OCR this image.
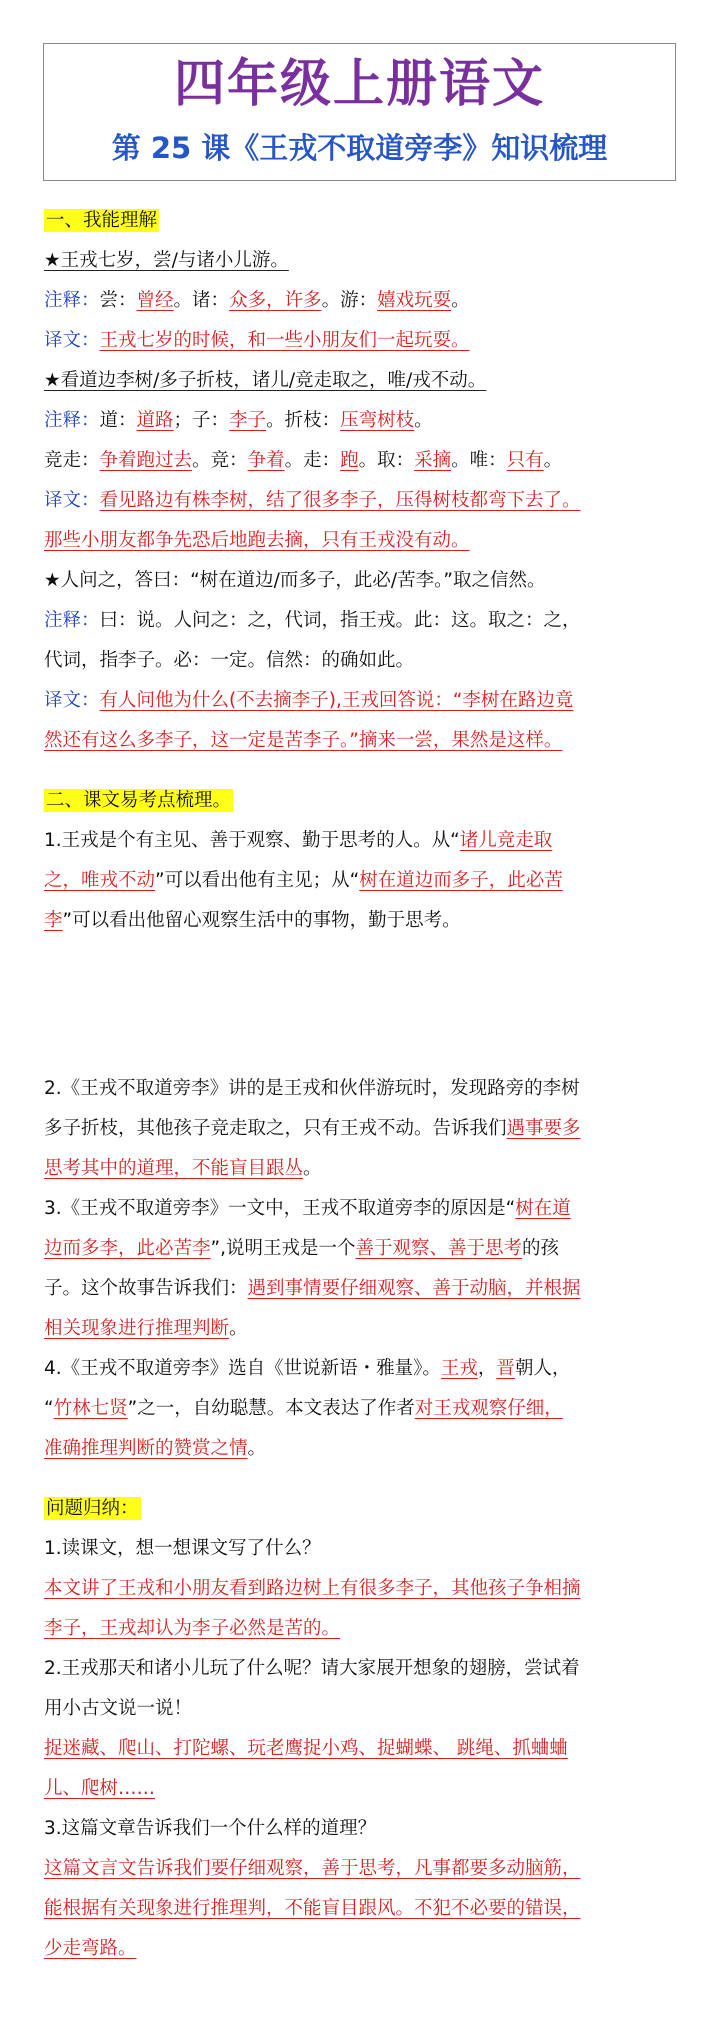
四年级上册语文
第 25 课《王戎不取道旁李》知识梳理
一、我能理解
★王戎七岁，尝/与诸小儿游。
注释：尝：曾经。诸：众多，许多。游：嬉戏玩耍。
译文：王戎七岁的时候，和一些小朋友们一起玩耍。
★看道边李树/多子折枝，诸儿/竞走取之，唯/戎不动。
注释：道：道路；子：李子。折枝：压弯树枝。
竞走：争着跑过去。竞：争着。走：跑。取：采摘。唯：只有。
译文：看见路边有株李树，结了很多李子，压得树枝都弯下去了。
那些小朋友都争先恐后地跑去摘，只有王戎没有动。
★人问之，答曰：“树在道边/而多子，此必/苦李。”取之信然。
注释：曰：说。人问之：之，代词，指王戎。此：这。取之：之，
代词，指李子。必：一定。信然：的确如此。
译文：有人问他为什么(不去摘李子),王戎回答说：“李树在路边竟
然还有这么多李子，这一定是苦李子。”摘来一尝，果然是这样。
二、课文易考点梳理。
1.王戎是个有主见、善于观察、勤于思考的人。从“诸儿竞走取
之，唯戎不动”可以看出他有主见；从“树在道边而多子，此必苦
李”可以看出他留心观察生活中的事物，勤于思考。
2.《王戎不取道旁李》讲的是王戎和伙伴游玩时，发现路旁的李树
多子折枝，其他孩子竞走取之，只有王戎不动。告诉我们遇事要多
思考其中的道理，不能盲目跟丛。
3.《王戎不取道旁李》一文中，王戎不取道旁李的原因是“树在道
边而多李，此必苦李”,说明王戎是一个善于观察、善于思考的孩
子。这个故事告诉我们：遇到事情要仔细观察、善于动脑，并根据
相关现象进行推理判断。
4.《王戎不取道旁李》选自《世说新语・雅量》。王戎，晋朝人，
“竹林七贤”之一，自幼聪慧。本文表达了作者对王戎观察仔细，
准确推理判断的赞赏之情。
问题归纳：
1.读课文，想一想课文写了什么？
本文讲了王戎和小朋友看到路边树上有很多李子，其他孩子争相摘
李子，王戎却认为李子必然是苦的。
2.王戎那天和诸小儿玩了什么呢？请大家展开想象的翅膀，尝试着
用小古文说一说！
捉迷藏、爬山、打陀螺、玩老鹰捉小鸡、捉蝴蝶、 跳绳、抓蛐蛐
儿、爬树……
3.这篇文章告诉我们一个什么样的道理？
这篇文言文告诉我们要仔细观察，善于思考，凡事都要多动脑筋，
能根据有关现象进行推理判，不能盲目跟风。不犯不必要的错误，
少走弯路。
